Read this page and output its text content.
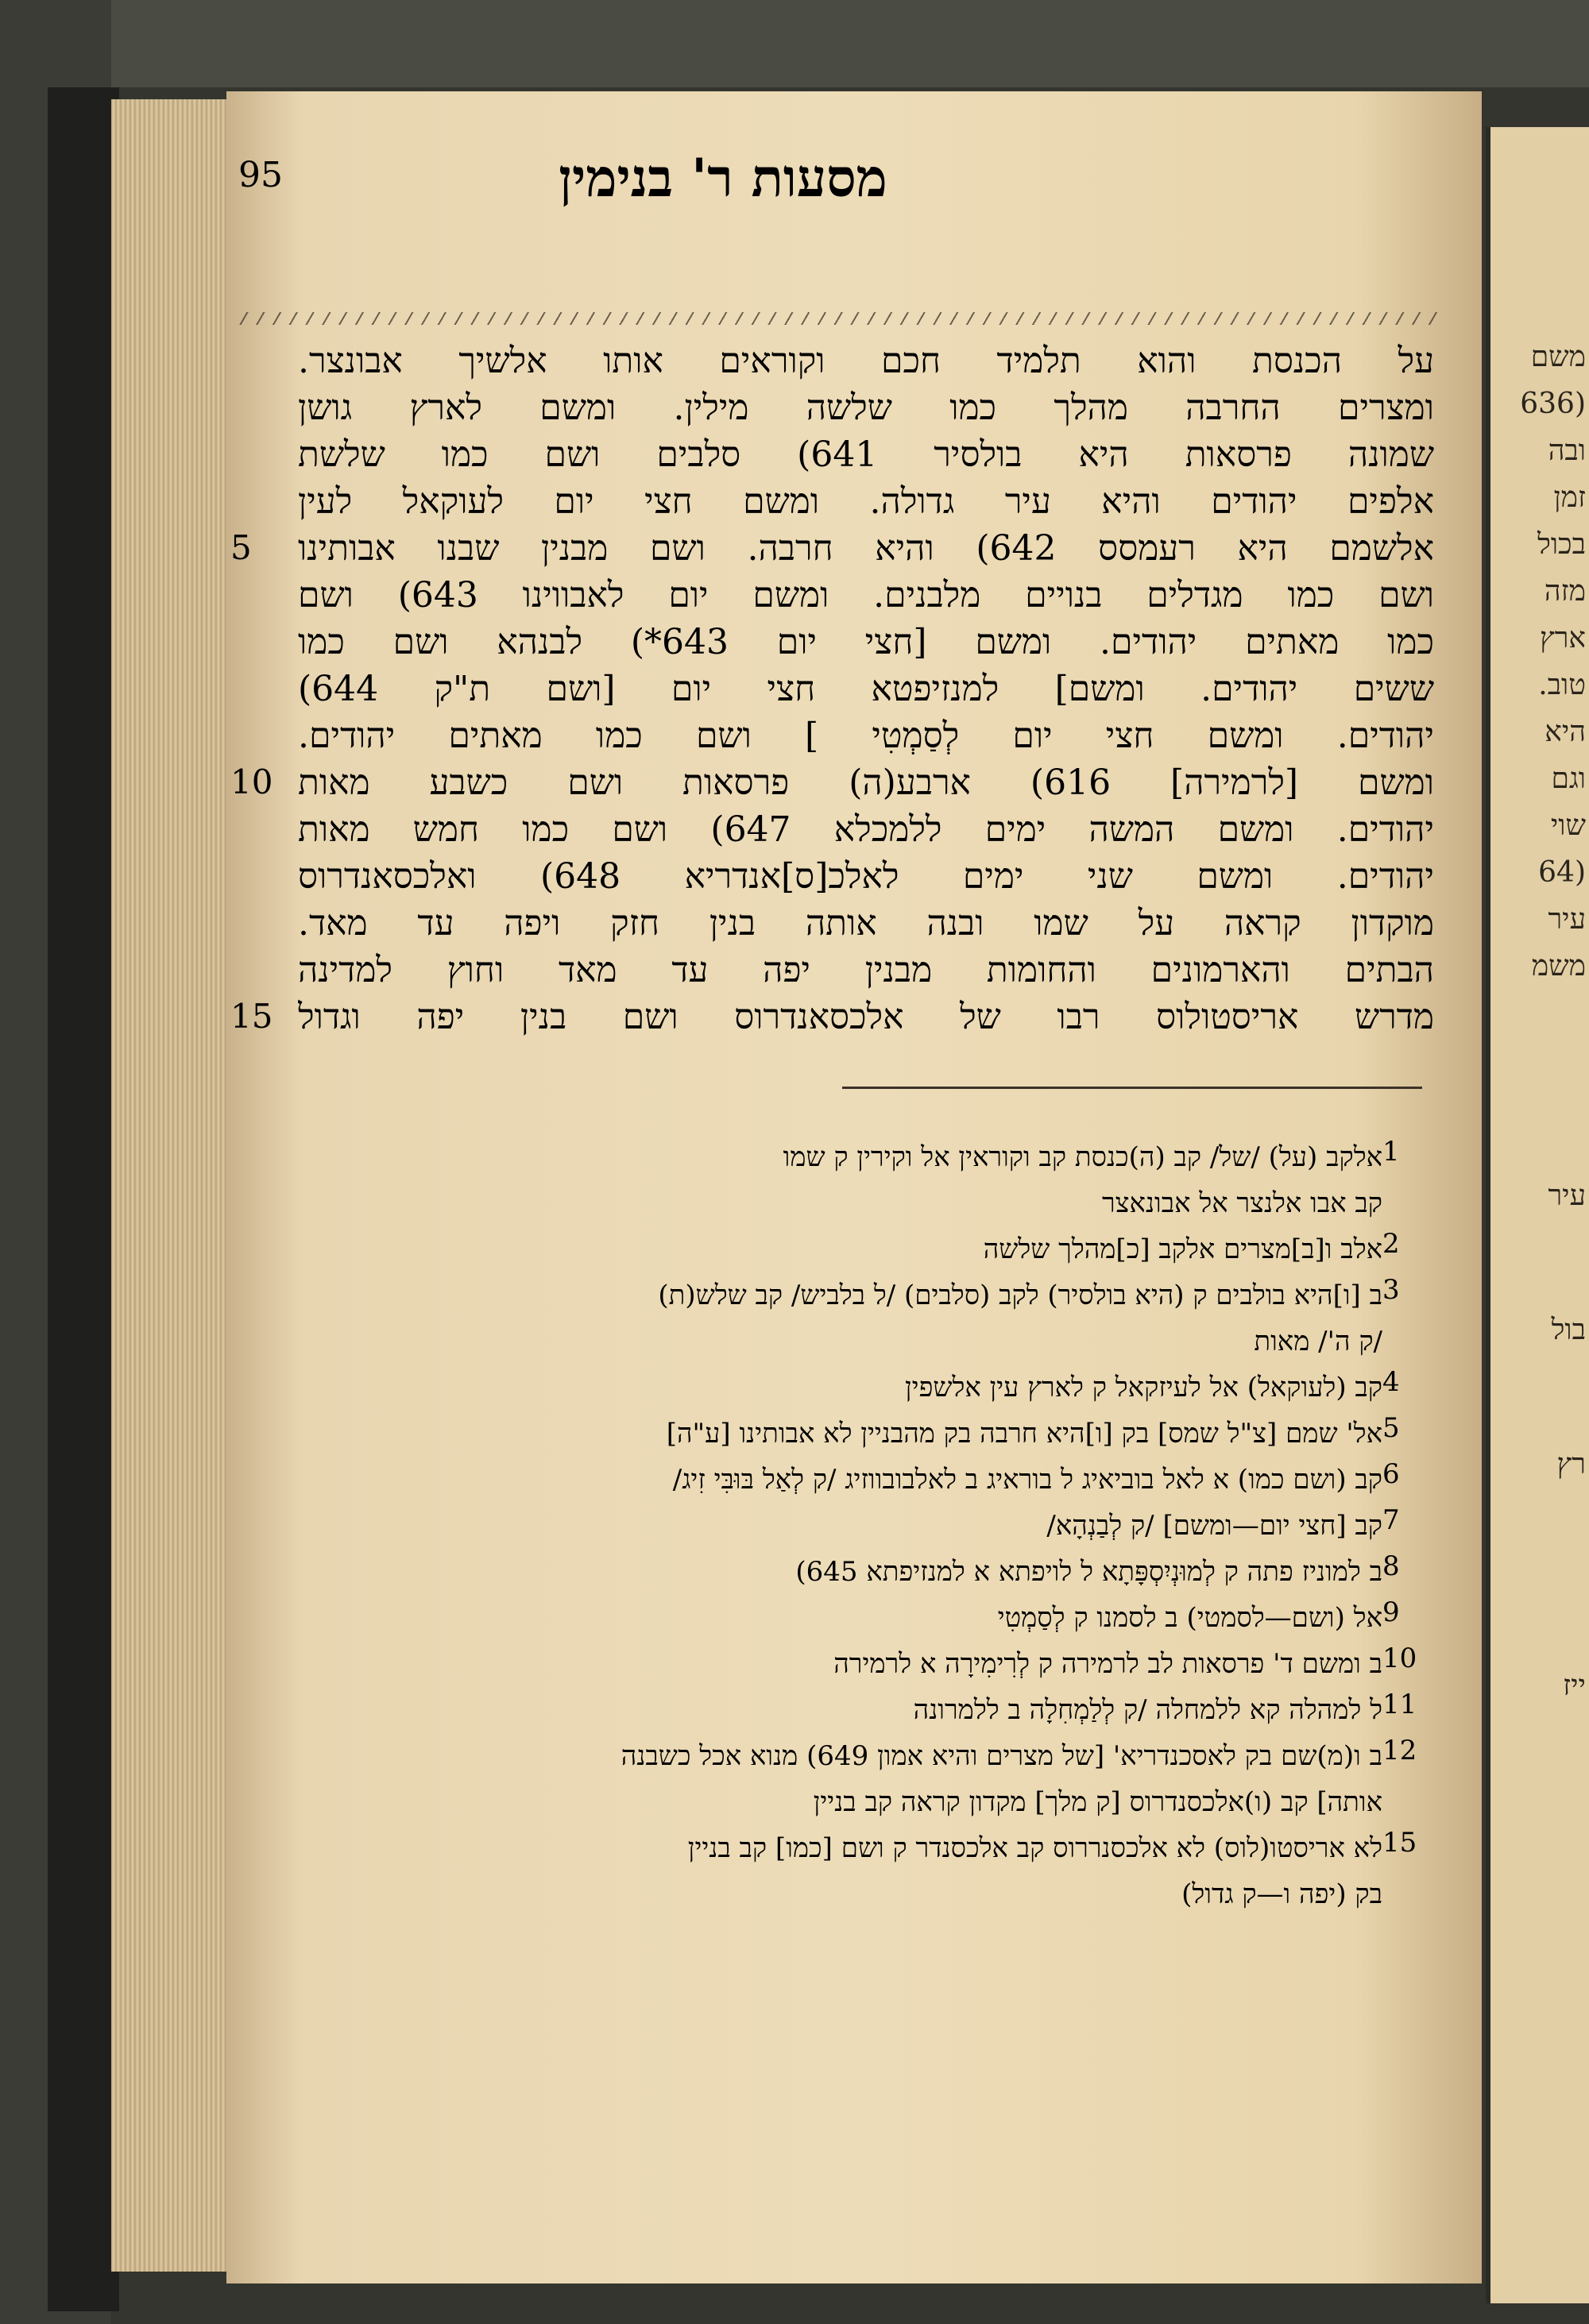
משם
(636
ובה
זמן
בכול
מזה
ארץ
טוב.
היא
וגם
שוי
(64
עיר
משמ
עיר
בול
רץ
ייז
95	מסעות ר' בנימין
על הכנסת והוא תלמיד חכם וקוראים אותו אלשיך אבונצר.
ומצרים החרבה מהלך כמו שלשה מילין. ומשם לארץ גושן
שמונה פרסאות היא בולסיר 641) סלבים ושם כמו שלשת
אלפים יהודים והיא עיר גדולה. ומשם חצי יום לעוקאל לעין
אלשמם היא רעמסס 642) והיא חרבה. ושם מבנין שבנו אבותינו
ושם כמו מגדלים בנויים מלבנים. ומשם יום לאבווינו 643) ושם
כמו מאתים יהודים. ומשם [חצי יום 643*) לבנהא ושם כמו
ששים יהודים. ומשם] למנזיפטא חצי יום [ושם ת"ק 644)
יהודים. ומשם חצי יום לְסַמְטִי ] ושם כמו מאתים יהודים.
ומשם [לרמירה] 616) ארבע(ה) פרסאות ושם כשבע מאות
יהודים. ומשם המשה ימים ללמכלא 647) ושם כמו חמש מאות
יהודים. ומשם שני ימים לאלכ[ס]אנדריא 648) ואלכסאנדרוס
מוקדון קראה על שמו ובנה אותה בנין חזק ויפה עד מאד.
הבתים והארמונים והחומות מבנין יפה עד מאד וחוץ למדינה
מדרש אריסטולוס רבו של אלכסאנדרוס ושם בנין יפה וגדול
5
10
15
אלקב (על) /של/ קב (ה)כנסת קב וקוראין אל וקירין ק שמו
קב אבו אלנצר אל אבונאצר
אלב ו[ב]מצרים אלקב [כ]מהלך שלשה
ב [ו]היא בולבים ק (היא בולסיר) לקב (סלבים) /ל בלביש/ קב שלש(ת)
/ק ה'/ מאות
קב (לעוקאל) אל לעיזקאל ק לארץ עין אלשפין
אל' שמם [צ"ל שמס] בק [ו]היא חרבה בק מהבניין לא אבותינו [ע"ה]
קב (ושם כמו) א לאל בוביאיג ל בוראיג ב לאלבובווזיג /ק לְאַל בּוּבִּי זִיג/
קב [חצי יום—ומשם] /ק לְבַנְהָא/
ב למוניז פתה ק לְמוּנְיִסְפָּתָא ל לויפתא א למנזיפתא 645)
אל (ושם—לסמטי) ב לסמנו ק לְסַמְטִי
ב ומשם ד' פרסאות לב לרמירה ק לְרִימִירָה א לרמירה
ל למהלה קא ללמחלה /ק לְלַמְחִלָה ב ללמרונה
ב ו(מ)שם בק לאסכנדריא' [של מצרים והיא אמון 649) מנוא אכל כשבנה
אותה] קב (ו)אלכסנדרוס [ק מלך] מקדון קראה קב בניין
לא אריסטו(לוס) לא אלכסנררוס קב אלכסנדר ק ושם [כמו] קב בניין
בק (יפה ו—ק גדול)
1
2
3
4
5
6
7
8
9
10
11
12
15
